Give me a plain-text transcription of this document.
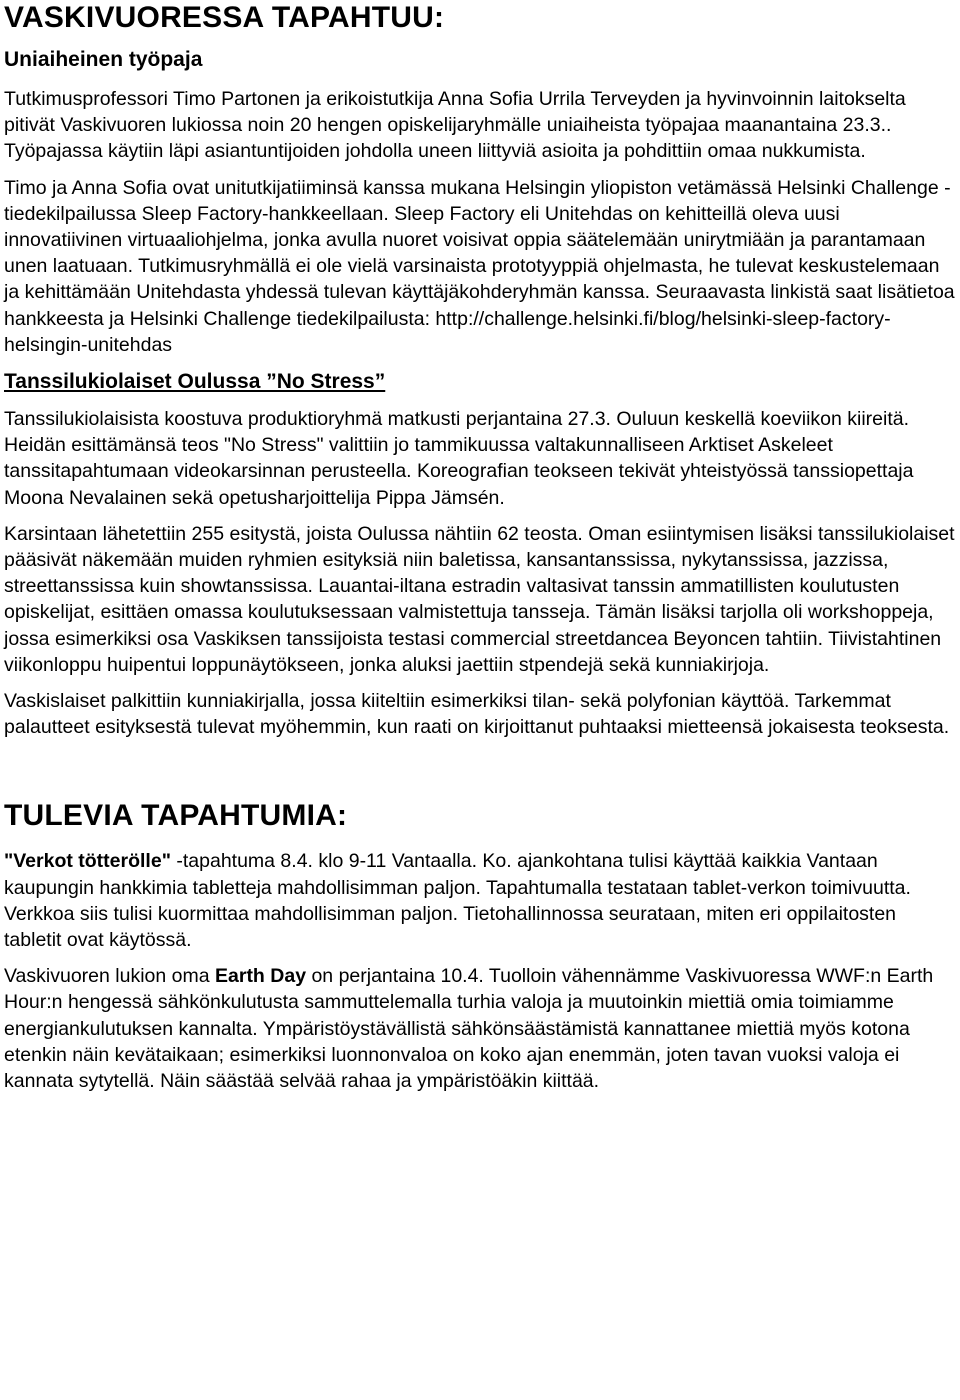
VASKIVUORESSA TAPAHTUU:
Uniaiheinen työpaja

Tutkimusprofessori Timo Partonen ja erikoistutkija Anna Sofia Urrila Terveyden ja hyvinvoinnin laitokselta pitivät Vaskivuoren lukiossa noin 20 hengen opiskelijaryhmälle uniaiheista työpajaa maanantaina 23.3.. Työpajassa käytiin läpi asiantuntijoiden johdolla uneen liittyviä asioita ja pohdittiin omaa nukkumista.

Timo ja Anna Sofia ovat unitutkijatiiminsä kanssa mukana Helsingin yliopiston vetämässä Helsinki Challenge -tiedekilpailussa Sleep Factory-hankkeellaan. Sleep Factory eli Unitehdas on kehitteillä oleva uusi innovatiivinen virtuaaliohjelma, jonka avulla nuoret voisivat oppia säätelemään unirytmiään ja parantamaan unen laatuaan. Tutkimusryhmällä ei ole vielä varsinaista prototyyppiä ohjelmasta, he tulevat keskustelemaan ja kehittämään Unitehdasta yhdessä tulevan käyttäjäkohderyhmän kanssa. Seuraavasta linkistä saat lisätietoa hankkeesta ja Helsinki Challenge tiedekilpailusta: http://challenge.helsinki.fi/blog/helsinki-sleep-factory-helsingin-unitehdas

Tanssilukiolaiset Oulussa ”No Stress”

Tanssilukiolaisista koostuva produktioryhmä matkusti perjantaina 27.3. Ouluun keskellä koeviikon kiireitä. Heidän esittämänsä teos "No Stress" valittiin jo tammikuussa valtakunnalliseen Arktiset Askeleet tanssitapahtumaan videokarsinnan perusteella. Koreografian teokseen tekivät yhteistyössä tanssiopettaja Moona Nevalainen sekä opetusharjoittelija Pippa Jämsén.

Karsintaan lähetettiin 255 esitystä, joista Oulussa nähtiin 62 teosta. Oman esiintymisen lisäksi tanssilukiolaiset pääsivät näkemään muiden ryhmien esityksiä niin baletissa, kansantanssissa, nykytanssissa, jazzissa, streettanssissa kuin showtanssissa. Lauantai-iltana estradin valtasivat tanssin ammatillisten koulutusten opiskelijat, esittäen omassa koulutuksessaan valmistettuja tansseja. Tämän lisäksi tarjolla oli workshoppeja, jossa esimerkiksi osa Vaskiksen tanssijoista testasi commercial streetdancea Beyoncen tahtiin. Tiivistahtinen viikonloppu huipentui loppunäytökseen, jonka aluksi jaettiin stpendejä sekä kunniakirjoja.

Vaskislaiset palkittiin kunniakirjalla, jossa kiiteltiin esimerkiksi tilan- sekä polyfonian käyttöä. Tarkemmat palautteet esityksestä tulevat myöhemmin, kun raati on kirjoittanut puhtaaksi mietteensä jokaisesta teoksesta.

TULEVIA TAPAHTUMIA:

"Verkot tötterölle" -tapahtuma 8.4. klo 9-11 Vantaalla. Ko. ajankohtana tulisi käyttää kaikkia Vantaan kaupungin hankkimia tabletteja mahdollisimman paljon. Tapahtumalla testataan tablet-verkon toimivuutta. Verkkoa siis tulisi kuormittaa mahdollisimman paljon. Tietohallinnossa seurataan, miten eri oppilaitosten tabletit ovat käytössä.

Vaskivuoren lukion oma Earth Day on perjantaina 10.4. Tuolloin vähennämme Vaskivuoressa WWF:n Earth Hour:n hengessä sähkönkulutusta sammuttelemalla turhia valoja ja muutoinkin miettiä omia toimiamme energiankulutuksen kannalta. Ympäristöystävällistä sähkönsäästämistä kannattanee miettiä myös kotona etenkin näin kevätaikaan; esimerkiksi luonnonvaloa on koko ajan enemmän, joten tavan vuoksi valoja ei kannata sytytellä. Näin säästää selvää rahaa ja ympäristöäkin kiittää.
